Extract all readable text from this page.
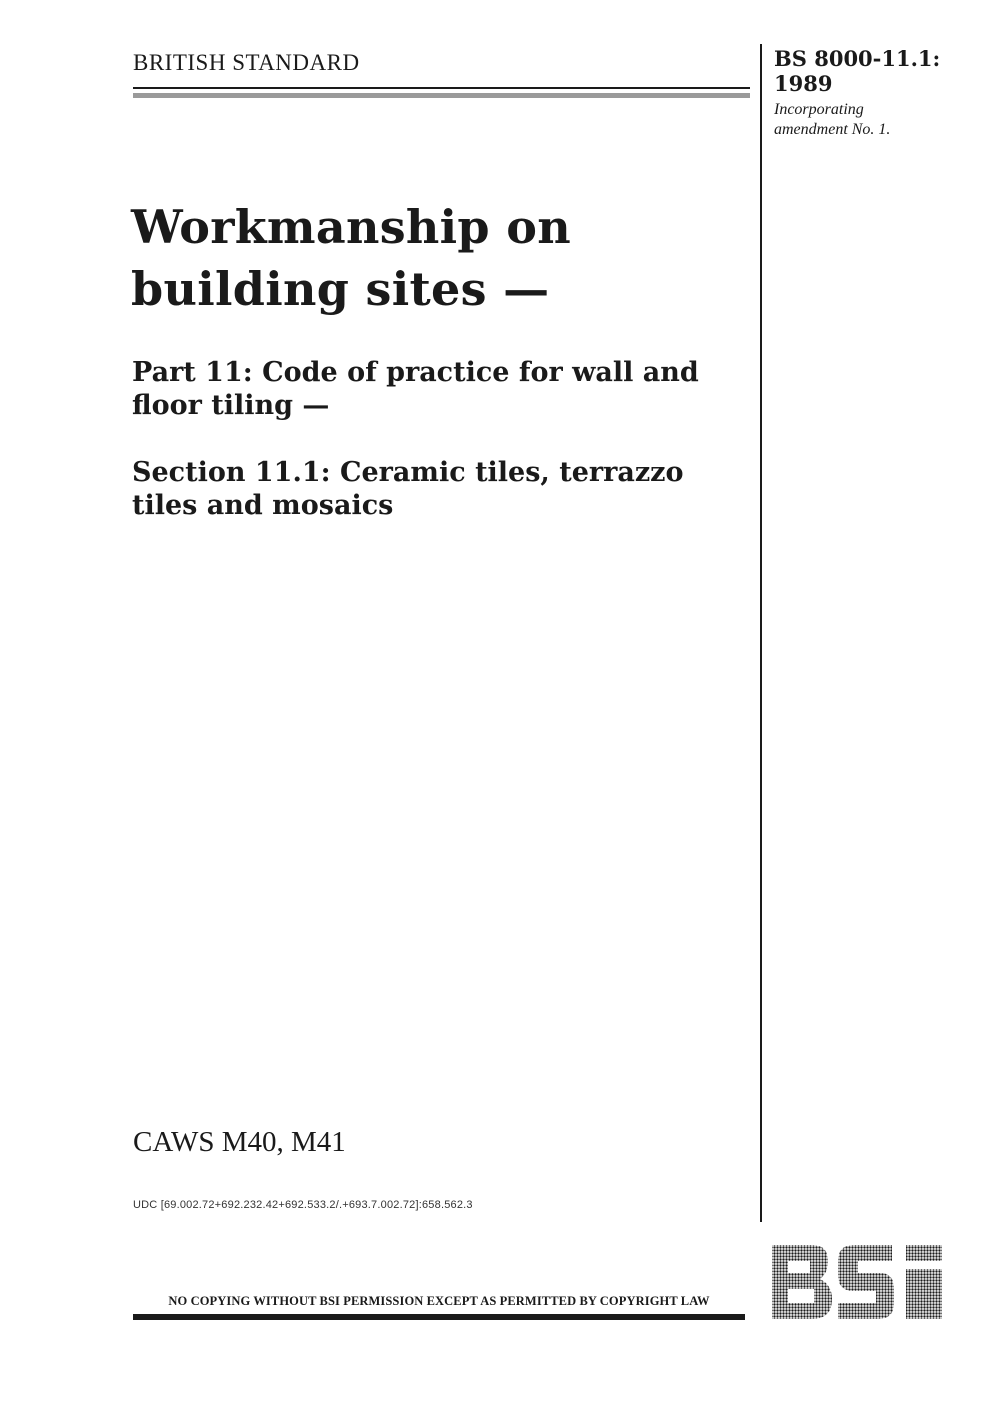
BRITISH STANDARD	BS 8000-11.1:
1989
Incorporating
amendment No. 1.
Workmanship on building sites —
Part 11: Code of practice for wall and floor tiling —
Section 11.1: Ceramic tiles, terrazzo tiles and mosaics
CAWS M40, M41
UDC [69.002.72+692.232.42+692.533.2/.+693.7.002.72]:658.562.3
NO COPYING WITHOUT BSI PERMISSION EXCEPT AS PERMITTED BY COPYRIGHT LAW
